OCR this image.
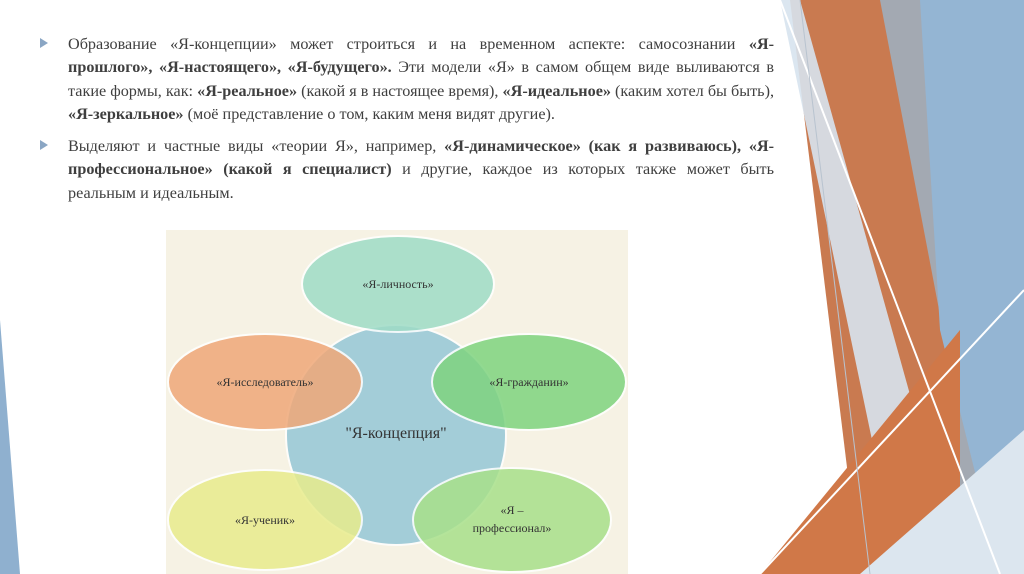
Образование «Я-концепции» может строиться и на временном аспекте: самосознании «Я-прошлого», «Я-настоящего», «Я-будущего». Эти модели «Я» в самом общем виде выливаются в такие формы, как: «Я-реальное» (какой я в настоящее время), «Я-идеальное» (каким хотел бы быть), «Я-зеркальное» (моё представление о том, каким меня видят другие).
Выделяют и частные виды «теории Я», например, «Я-динамическое» (как я развиваюсь), «Я-профессиональное» (какой я специалист) и другие, каждое из которых также может быть реальным и идеальным.
"Я-концепция"
«Я-личность»
«Я-исследователь»	«Я-гражданин»
«Я-ученик»
«Я –
профессионал»
